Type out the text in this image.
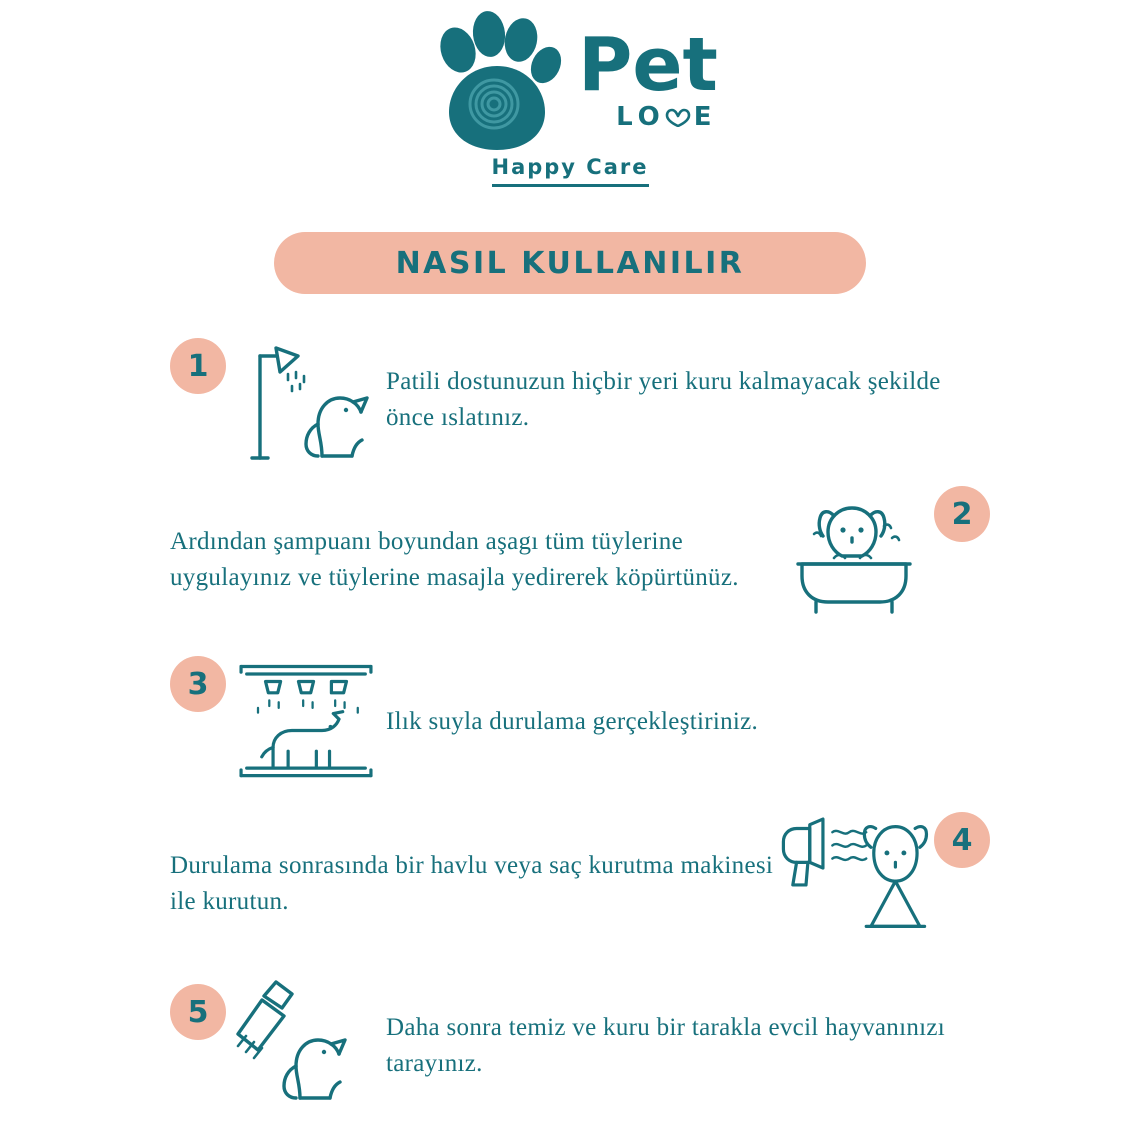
Pet
L O E
Happy Care
NASIL KULLANILIR
1	Patili dostunuzun hiçbir yeri kuru kalmayacak şekilde önce ıslatınız.
2
Ardından şampuanı boyundan aşagı tüm tüylerine uygulayınız ve tüylerine masajla yedirerek köpürtünüz.
3
Ilık suyla durulama gerçekleştiriniz.
4
Durulama sonrasında bir havlu veya saç kurutma makinesi ile kurutun.
5	Daha sonra temiz ve kuru bir tarakla evcil hayvanınızı tarayınız.
